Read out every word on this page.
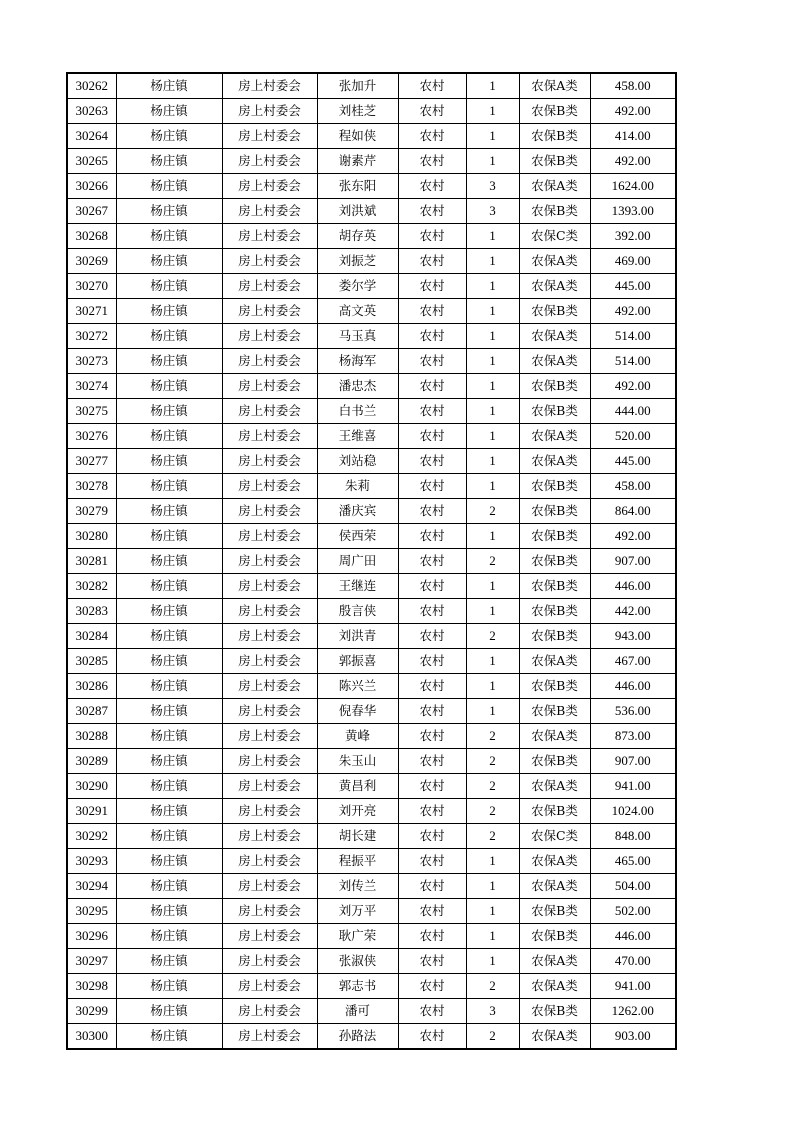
30262	杨庄镇	房上村委会	张加升	农村	1	农保A类	458.00
30263	杨庄镇	房上村委会	刘桂芝	农村	1	农保B类	492.00
30264	杨庄镇	房上村委会	程如侠	农村	1	农保B类	414.00
30265	杨庄镇	房上村委会	谢素芹	农村	1	农保B类	492.00
30266	杨庄镇	房上村委会	张东阳	农村	3	农保A类	1624.00
30267	杨庄镇	房上村委会	刘洪斌	农村	3	农保B类	1393.00
30268	杨庄镇	房上村委会	胡存英	农村	1	农保C类	392.00
30269	杨庄镇	房上村委会	刘振芝	农村	1	农保A类	469.00
30270	杨庄镇	房上村委会	娄尔学	农村	1	农保A类	445.00
30271	杨庄镇	房上村委会	高文英	农村	1	农保B类	492.00
30272	杨庄镇	房上村委会	马玉真	农村	1	农保A类	514.00
30273	杨庄镇	房上村委会	杨海军	农村	1	农保A类	514.00
30274	杨庄镇	房上村委会	潘忠杰	农村	1	农保B类	492.00
30275	杨庄镇	房上村委会	白书兰	农村	1	农保B类	444.00
30276	杨庄镇	房上村委会	王维喜	农村	1	农保A类	520.00
30277	杨庄镇	房上村委会	刘站稳	农村	1	农保A类	445.00
30278	杨庄镇	房上村委会	朱莉	农村	1	农保B类	458.00
30279	杨庄镇	房上村委会	潘庆宾	农村	2	农保B类	864.00
30280	杨庄镇	房上村委会	侯西荣	农村	1	农保B类	492.00
30281	杨庄镇	房上村委会	周广田	农村	2	农保B类	907.00
30282	杨庄镇	房上村委会	王继连	农村	1	农保B类	446.00
30283	杨庄镇	房上村委会	殷言侠	农村	1	农保B类	442.00
30284	杨庄镇	房上村委会	刘洪青	农村	2	农保B类	943.00
30285	杨庄镇	房上村委会	郭振喜	农村	1	农保A类	467.00
30286	杨庄镇	房上村委会	陈兴兰	农村	1	农保B类	446.00
30287	杨庄镇	房上村委会	倪春华	农村	1	农保B类	536.00
30288	杨庄镇	房上村委会	黄峰	农村	2	农保A类	873.00
30289	杨庄镇	房上村委会	朱玉山	农村	2	农保B类	907.00
30290	杨庄镇	房上村委会	黄昌利	农村	2	农保A类	941.00
30291	杨庄镇	房上村委会	刘开亮	农村	2	农保B类	1024.00
30292	杨庄镇	房上村委会	胡长建	农村	2	农保C类	848.00
30293	杨庄镇	房上村委会	程振平	农村	1	农保A类	465.00
30294	杨庄镇	房上村委会	刘传兰	农村	1	农保A类	504.00
30295	杨庄镇	房上村委会	刘万平	农村	1	农保B类	502.00
30296	杨庄镇	房上村委会	耿广荣	农村	1	农保B类	446.00
30297	杨庄镇	房上村委会	张淑侠	农村	1	农保A类	470.00
30298	杨庄镇	房上村委会	郭志书	农村	2	农保A类	941.00
30299	杨庄镇	房上村委会	潘可	农村	3	农保B类	1262.00
30300	杨庄镇	房上村委会	孙路法	农村	2	农保A类	903.00
